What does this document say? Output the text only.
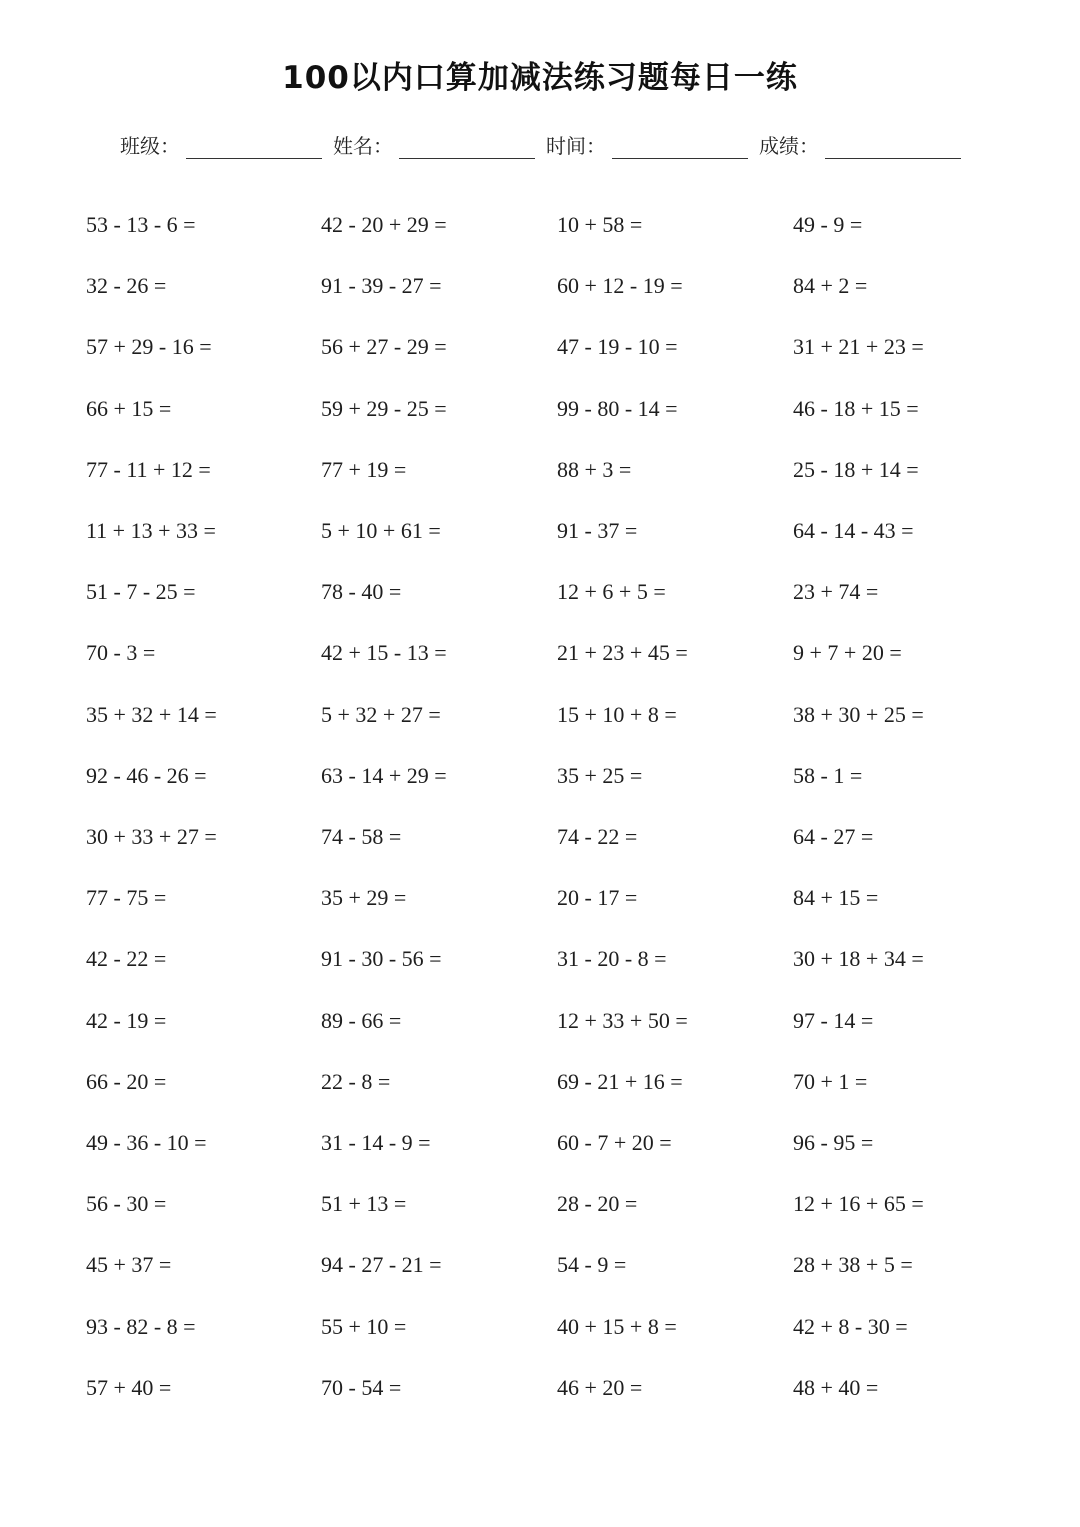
100以内口算加减法练习题每日一练
班级：	姓名：	时间：	成绩：
53 - 13 - 6 =	42 - 20 + 29 =	10 + 58 =	49 - 9 =
32 - 26 =	91 - 39 - 27 =	60 + 12 - 19 =	84 + 2 =
57 + 29 - 16 =	56 + 27 - 29 =	47 - 19 - 10 =	31 + 21 + 23 =
66 + 15 =	59 + 29 - 25 =	99 - 80 - 14 =	46 - 18 + 15 =
77 - 11 + 12 =	77 + 19 =	88 + 3 =	25 - 18 + 14 =
11 + 13 + 33 =	5 + 10 + 61 =	91 - 37 =	64 - 14 - 43 =
51 - 7 - 25 =	78 - 40 =	12 + 6 + 5 =	23 + 74 =
70 - 3 =	42 + 15 - 13 =	21 + 23 + 45 =	9 + 7 + 20 =
35 + 32 + 14 =	5 + 32 + 27 =	15 + 10 + 8 =	38 + 30 + 25 =
92 - 46 - 26 =	63 - 14 + 29 =	35 + 25 =	58 - 1 =
30 + 33 + 27 =	74 - 58 =	74 - 22 =	64 - 27 =
77 - 75 =	35 + 29 =	20 - 17 =	84 + 15 =
42 - 22 =	91 - 30 - 56 =	31 - 20 - 8 =	30 + 18 + 34 =
42 - 19 =	89 - 66 =	12 + 33 + 50 =	97 - 14 =
66 - 20 =	22 - 8 =	69 - 21 + 16 =	70 + 1 =
49 - 36 - 10 =	31 - 14 - 9 =	60 - 7 + 20 =	96 - 95 =
56 - 30 =	51 + 13 =	28 - 20 =	12 + 16 + 65 =
45 + 37 =	94 - 27 - 21 =	54 - 9 =	28 + 38 + 5 =
93 - 82 - 8 =	55 + 10 =	40 + 15 + 8 =	42 + 8 - 30 =
57 + 40 =	70 - 54 =	46 + 20 =	48 + 40 =
